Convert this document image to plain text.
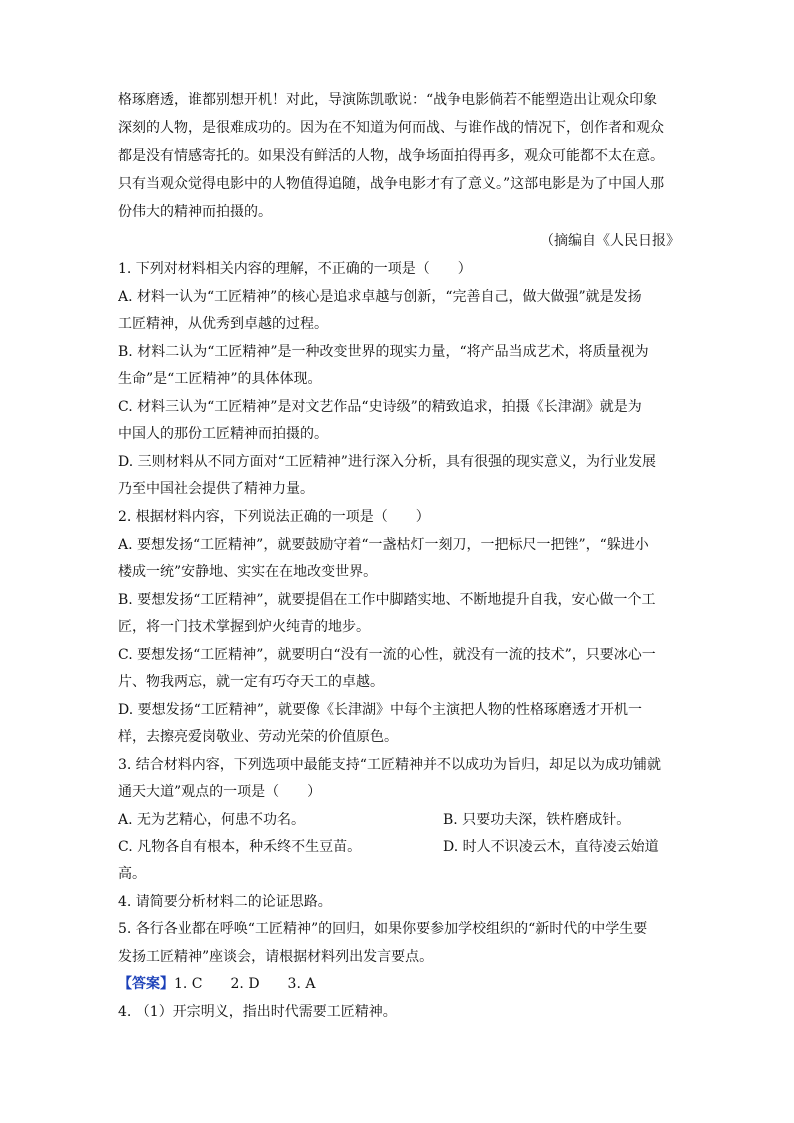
格琢磨透，谁都别想开机！对此，导演陈凯歌说：“战争电影倘若不能塑造出让观众印象
深刻的人物，是很难成功的。因为在不知道为何而战、与谁作战的情况下，创作者和观众
都是没有情感寄托的。如果没有鲜活的人物，战争场面拍得再多，观众可能都不太在意。
只有当观众觉得电影中的人物值得追随，战争电影才有了意义。”这部电影是为了中国人那
份伟大的精神而拍摄的。
（摘编自《人民日报》
1. 下列对材料相关内容的理解，不正确的一项是（　　）
A. 材料一认为“工匠精神”的核心是追求卓越与创新，“完善自己，做大做强”就是发扬
工匠精神，从优秀到卓越的过程。
B. 材料二认为“工匠精神”是一种改变世界的现实力量，“将产品当成艺术，将质量视为
生命”是“工匠精神”的具体体现。
C. 材料三认为“工匠精神”是对文艺作品“史诗级”的精致追求，拍摄《长津湖》就是为
中国人的那份工匠精神而拍摄的。
D. 三则材料从不同方面对“工匠精神”进行深入分析，具有很强的现实意义，为行业发展
乃至中国社会提供了精神力量。
2. 根据材料内容，下列说法正确的一项是（　　）
A. 要想发扬“工匠精神”，就要鼓励守着“一盏枯灯一刻刀，一把标尺一把锉”，“躲进小
楼成一统”安静地、实实在在地改变世界。
B. 要想发扬“工匠精神”，就要提倡在工作中脚踏实地、不断地提升自我，安心做一个工
匠，将一门技术掌握到炉火纯青的地步。
C. 要想发扬“工匠精神”，就要明白“没有一流的心性，就没有一流的技术”，只要冰心一
片、物我两忘，就一定有巧夺天工的卓越。
D. 要想发扬“工匠精神”，就要像《长津湖》中每个主演把人物的性格琢磨透才开机一
样，去擦亮爱岗敬业、劳动光荣的价值原色。
3. 结合材料内容，下列选项中最能支持“工匠精神并不以成功为旨归，却足以为成功铺就
通天大道”观点的一项是（　　）
A. 无为艺精心，何患不功名。	B. 只要功夫深，铁杵磨成针。
C. 凡物各自有根本，种禾终不生豆苗。	D. 时人不识凌云木，直待凌云始道
高。
4. 请简要分析材料二的论证思路。
5. 各行各业都在呼唤“工匠精神”的回归，如果你要参加学校组织的“新时代的中学生要
发扬工匠精神”座谈会，请根据材料列出发言要点。
【答案】1. C　　2. D　　3. A
4. （1）开宗明义，指出时代需要工匠精神。
